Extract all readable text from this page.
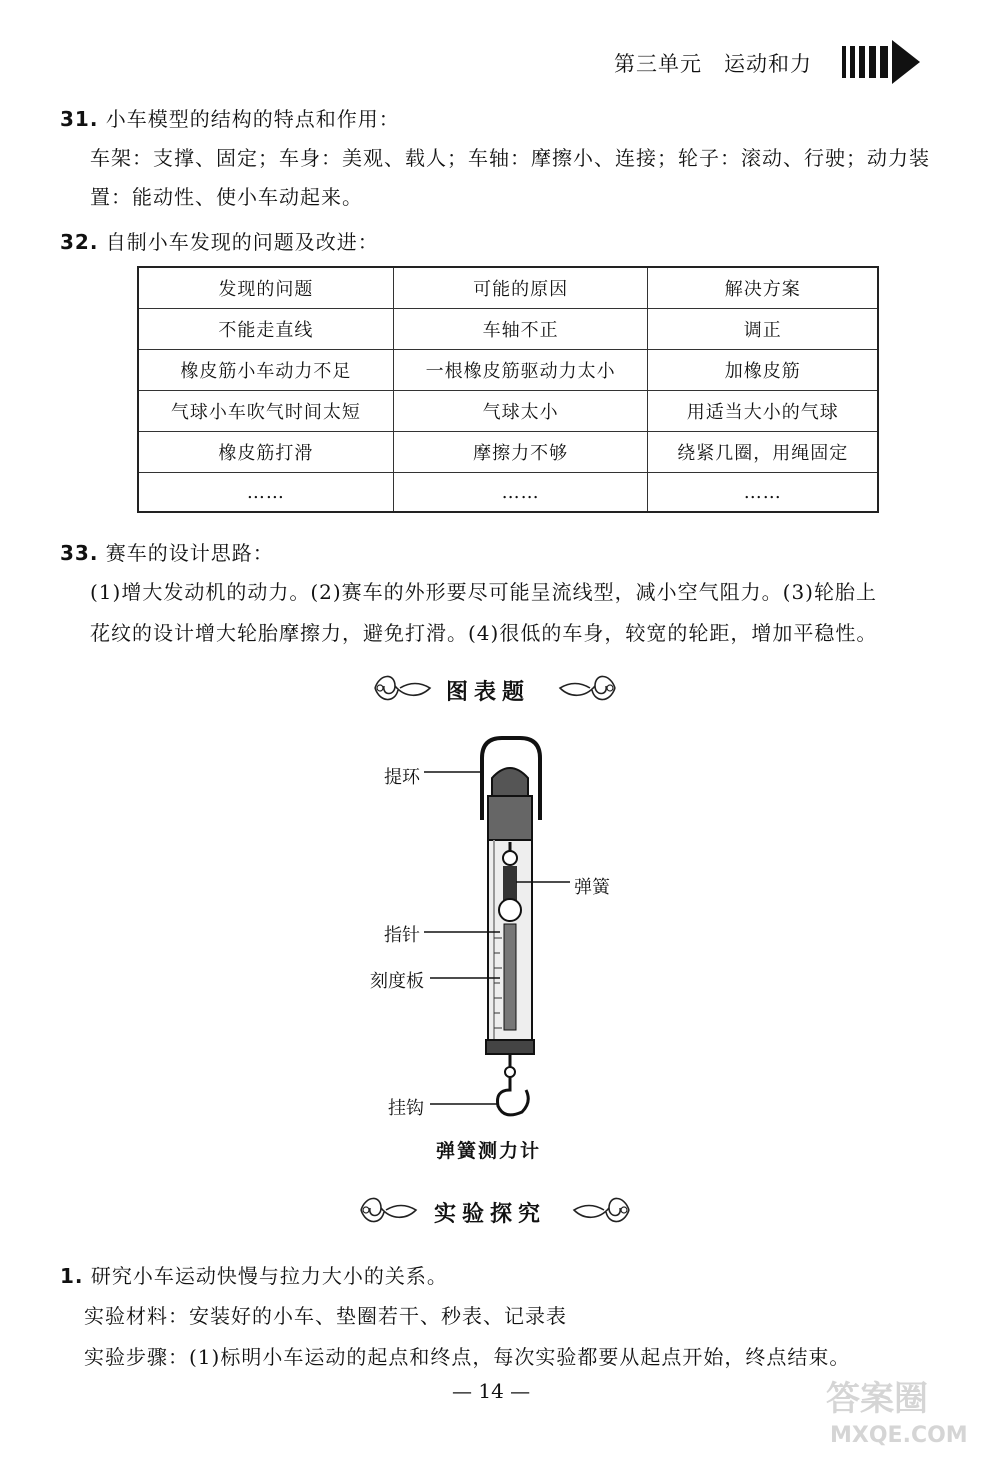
第三单元　运动和力
31. 小车模型的结构的特点和作用：
车架：支撑、固定；车身：美观、载人；车轴：摩擦小、连接；轮子：滚动、行驶；动力装
置：能动性、使小车动起来。
32. 自制小车发现的问题及改进：
发现的问题	可能的原因	解决方案
不能走直线	车轴不正	调正
橡皮筋小车动力不足	一根橡皮筋驱动力太小	加橡皮筋
气球小车吹气时间太短	气球太小	用适当大小的气球
橡皮筋打滑	摩擦力不够	绕紧几圈，用绳固定
……	……	……
33. 赛车的设计思路：
(1)增大发动机的动力。(2)赛车的外形要尽可能呈流线型，减小空气阻力。(3)轮胎上
花纹的设计增大轮胎摩擦力，避免打滑。(4)很低的车身，较宽的轮距，增加平稳性。
图表题
提环
弹簧
指针
刻度板
挂钩
弹簧测力计
实验探究
1. 研究小车运动快慢与拉力大小的关系。
实验材料：安装好的小车、垫圈若干、秒表、记录表
实验步骤：(1)标明小车运动的起点和终点，每次实验都要从起点开始，终点结束。
— 14 —	答案圈
MXQE.COM
